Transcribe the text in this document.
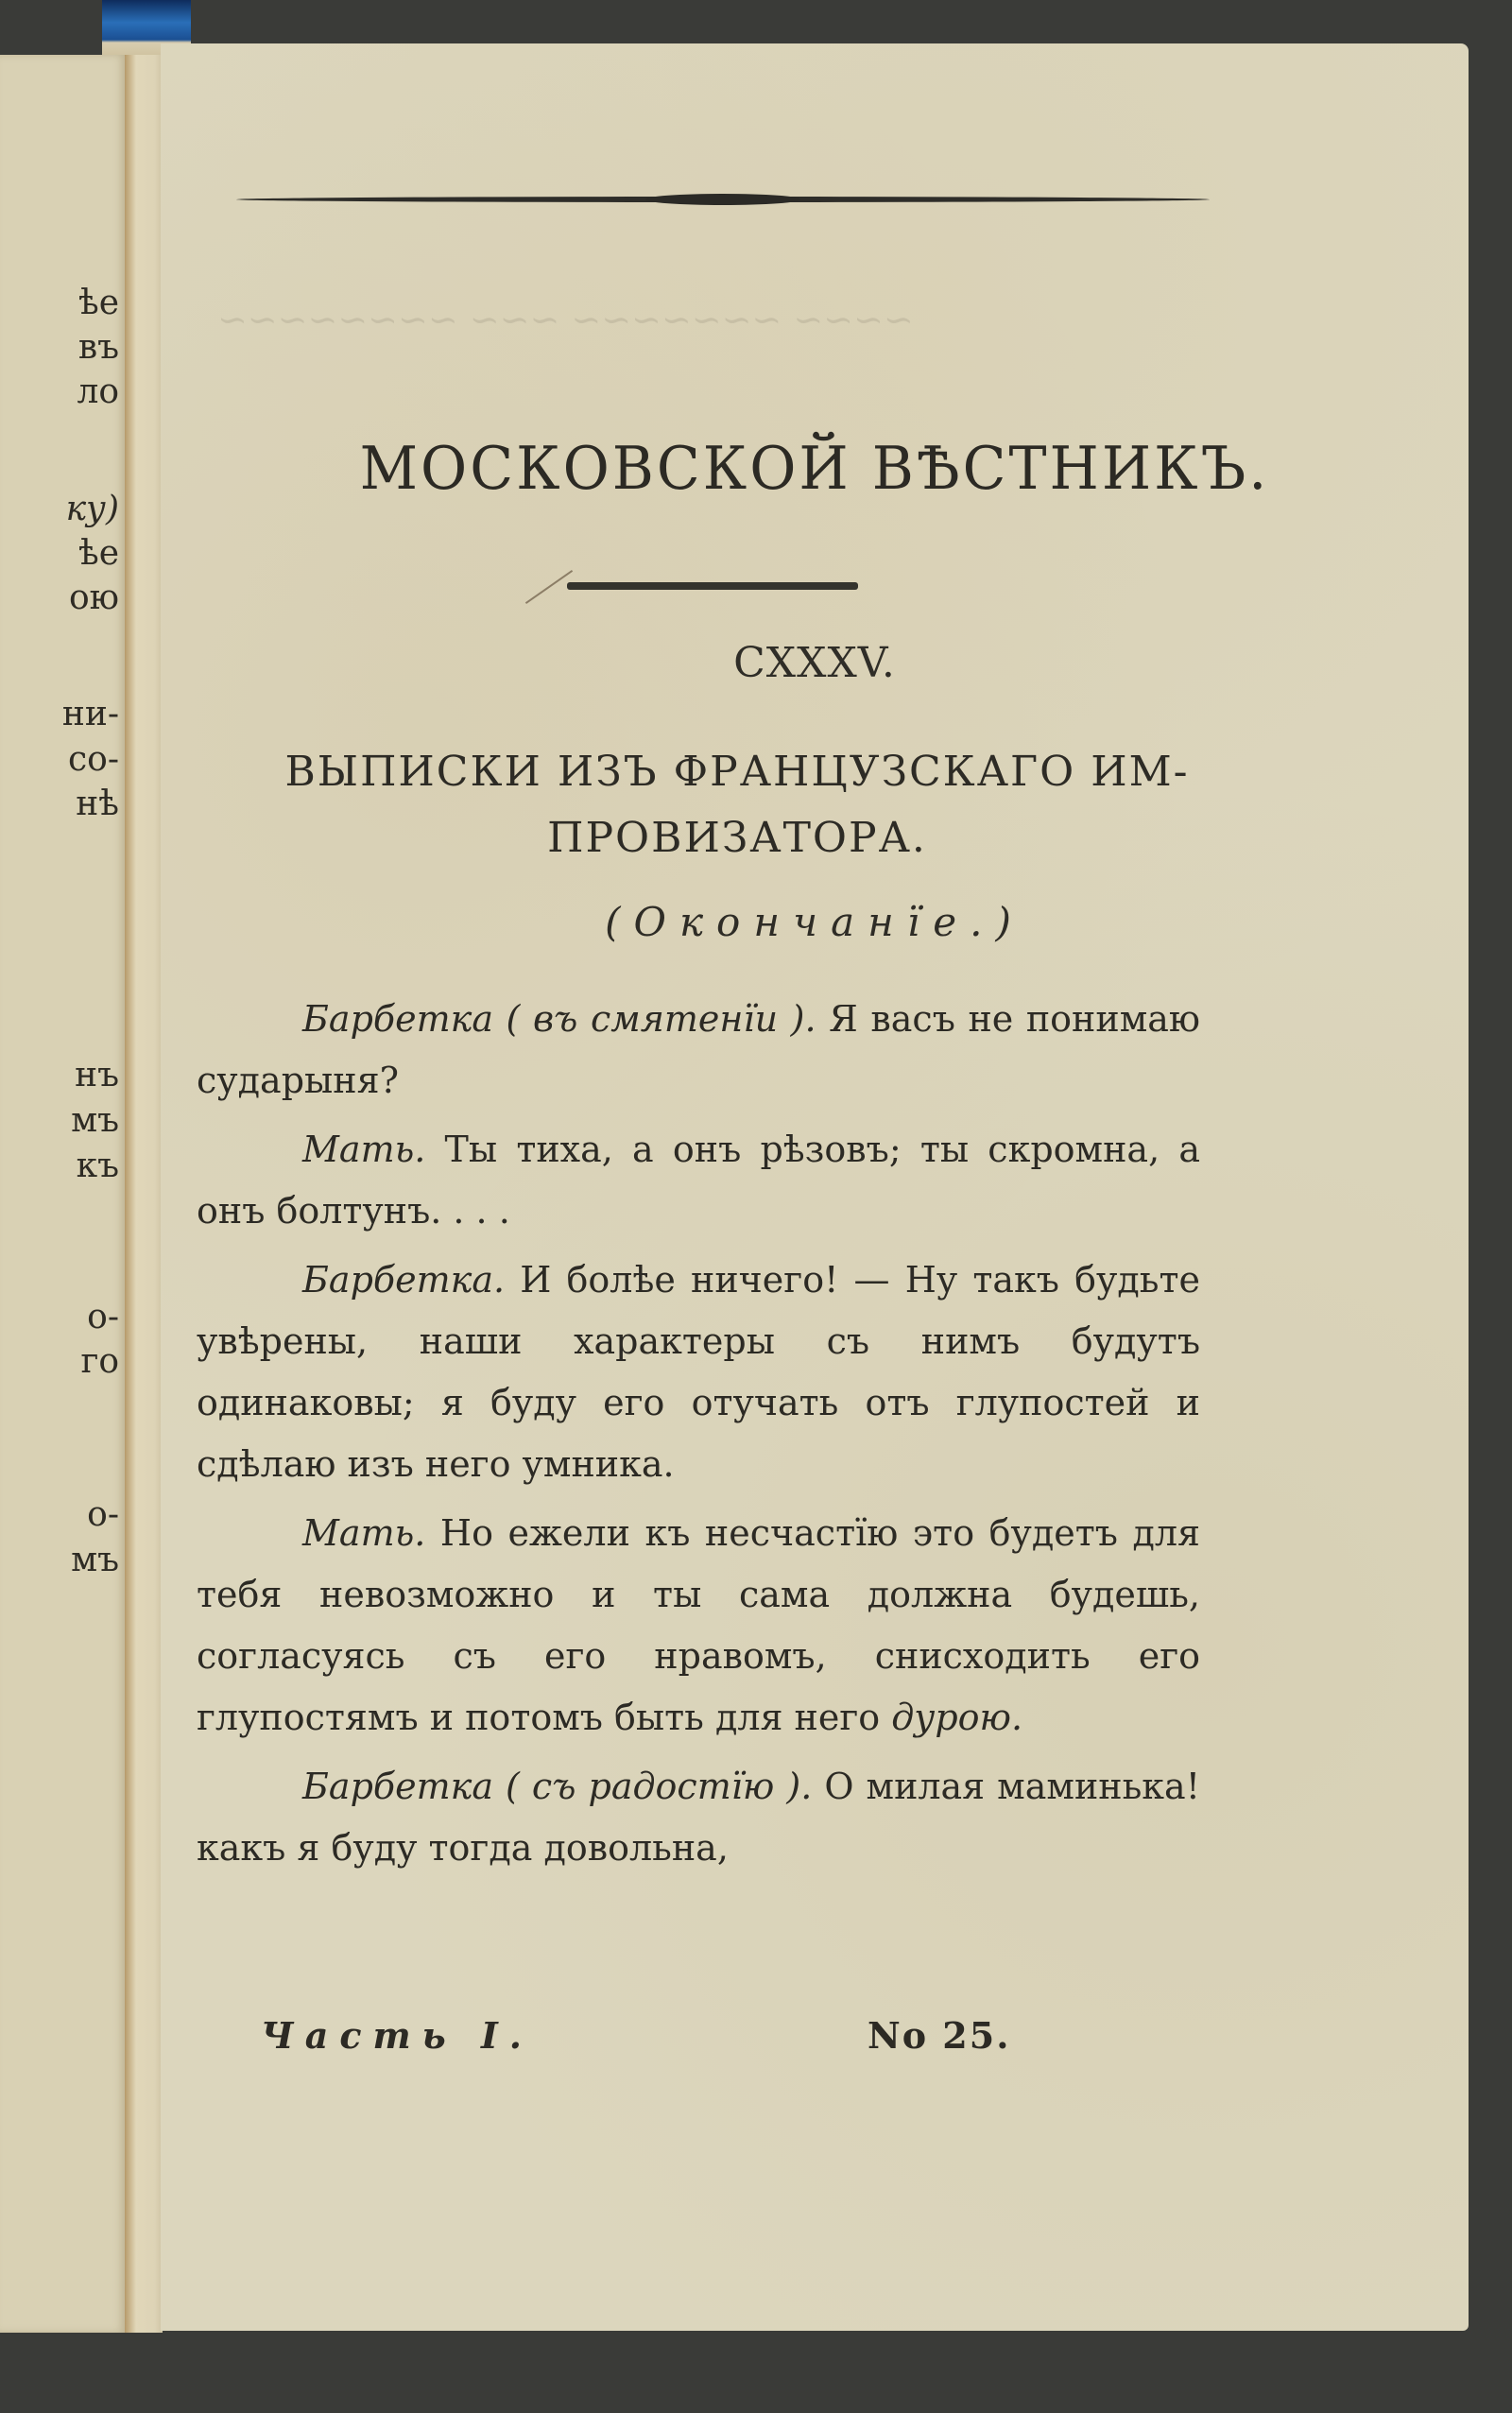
ѣе
въ
ло
ку)
ѣе
ою
ни-
со-
нѣ
нъ
мъ
къ
о-
го
о-
мъ
~~~~ ~~~~~~~ ~~~ ~~~~~~~~
МОСКОВСКОЙ ВѢСТНИКЪ.
CXXXV.
ВЫПИСКИ ИЗЪ ФРАНЦУЗСКАГО ИМ-
ПРОВИЗАТОРА.
(Окончанїе.)

Барбетка ( въ смятенїи ). Я васъ не понимаю сударыня?

Мать. Ты тиха, а онъ рѣзовъ; ты скромна, а онъ болтунъ. . . .

Барбетка. И болѣе ничего! — Ну такъ будьте увѣрены, наши характеры съ нимъ будутъ одинаковы; я буду его отучать отъ глупостей и сдѣлаю изъ него умника.

Мать. Но ежели къ несчастїю это будетъ для тебя невозможно и ты сама должна будешь, согласуясь съ его нравомъ, снисходить его глупостямъ и потомъ быть для него дурою.

Барбетка ( съ радостїю ). О милая маминька! какъ я буду тогда довольна,

Часть I.	No 25.
